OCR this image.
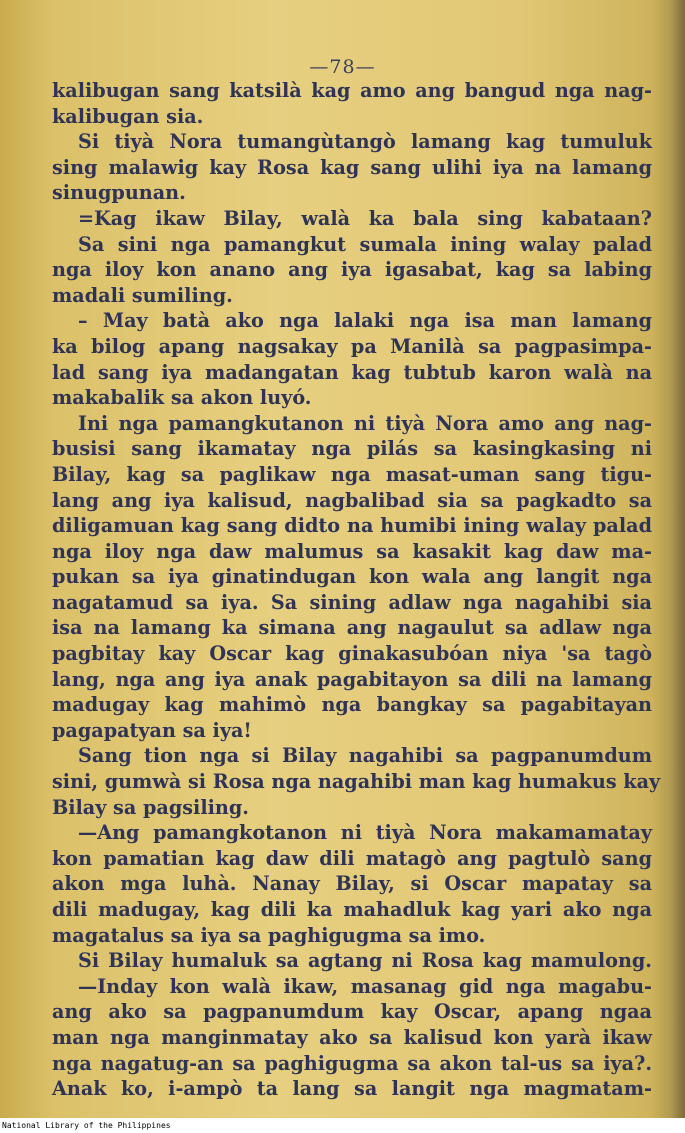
—78—
kalibugan sang katsilà kag amo ang bangud nga nag-
kalibugan sia.
Si tiyà Nora tumangùtangò lamang kag tumuluk
sing malawig kay Rosa kag sang ulihi iya na lamang
sinugpunan.
=Kag ikaw Bilay, walà ka bala sing kabataan?
Sa sini nga pamangkut sumala ining walay palad
nga iloy kon anano ang iya igasabat, kag sa labing
madali sumiling.
– May batà ako nga lalaki nga isa man lamang
ka bilog apang nagsakay pa Manilà sa pagpasimpa-
lad sang iya madangatan kag tubtub karon walà na
makabalik sa akon luyó.
Ini nga pamangkutanon ni tiyà Nora amo ang nag-
busisi sang ikamatay nga pilás sa kasingkasing ni
Bilay, kag sa paglikaw nga masat-uman sang tigu-
lang ang iya kalisud, nagbalibad sia sa pagkadto sa
diligamuan kag sang didto na humibi ining walay palad
nga iloy nga daw malumus sa kasakit kag daw ma-
pukan sa iya ginatindugan kon wala ang langit nga
nagatamud sa iya. Sa sining adlaw nga nagahibi sia
isa na lamang ka simana ang nagaulut sa adlaw nga
pagbitay kay Oscar kag ginakasubóan niya 'sa tagò
lang, nga ang iya anak pagabitayon sa dili na lamang
madugay kag mahimò nga bangkay sa pagabitayan
pagapatyan sa iya!
Sang tion nga si Bilay nagahibi sa pagpanumdum
sini, gumwà si Rosa nga nagahibi man kag humakus kay
Bilay sa pagsiling.
—Ang pamangkotanon ni tiyà Nora makamamatay
kon pamatian kag daw dili matagò ang pagtulò sang
akon mga luhà. Nanay Bilay, si Oscar mapatay sa
dili madugay, kag dili ka mahadluk kag yari ako nga
magatalus sa iya sa paghigugma sa imo.
Si Bilay humaluk sa agtang ni Rosa kag mamulong.
—Inday kon walà ikaw, masanag gid nga magabu-
ang ako sa pagpanumdum kay Oscar, apang ngaa
man nga manginmatay ako sa kalisud kon yarà ikaw
nga nagatug-an sa paghigugma sa akon tal-us sa iya?.
Anak ko, i-ampò ta lang sa langit nga magmatam-
National Library of the Philippines
